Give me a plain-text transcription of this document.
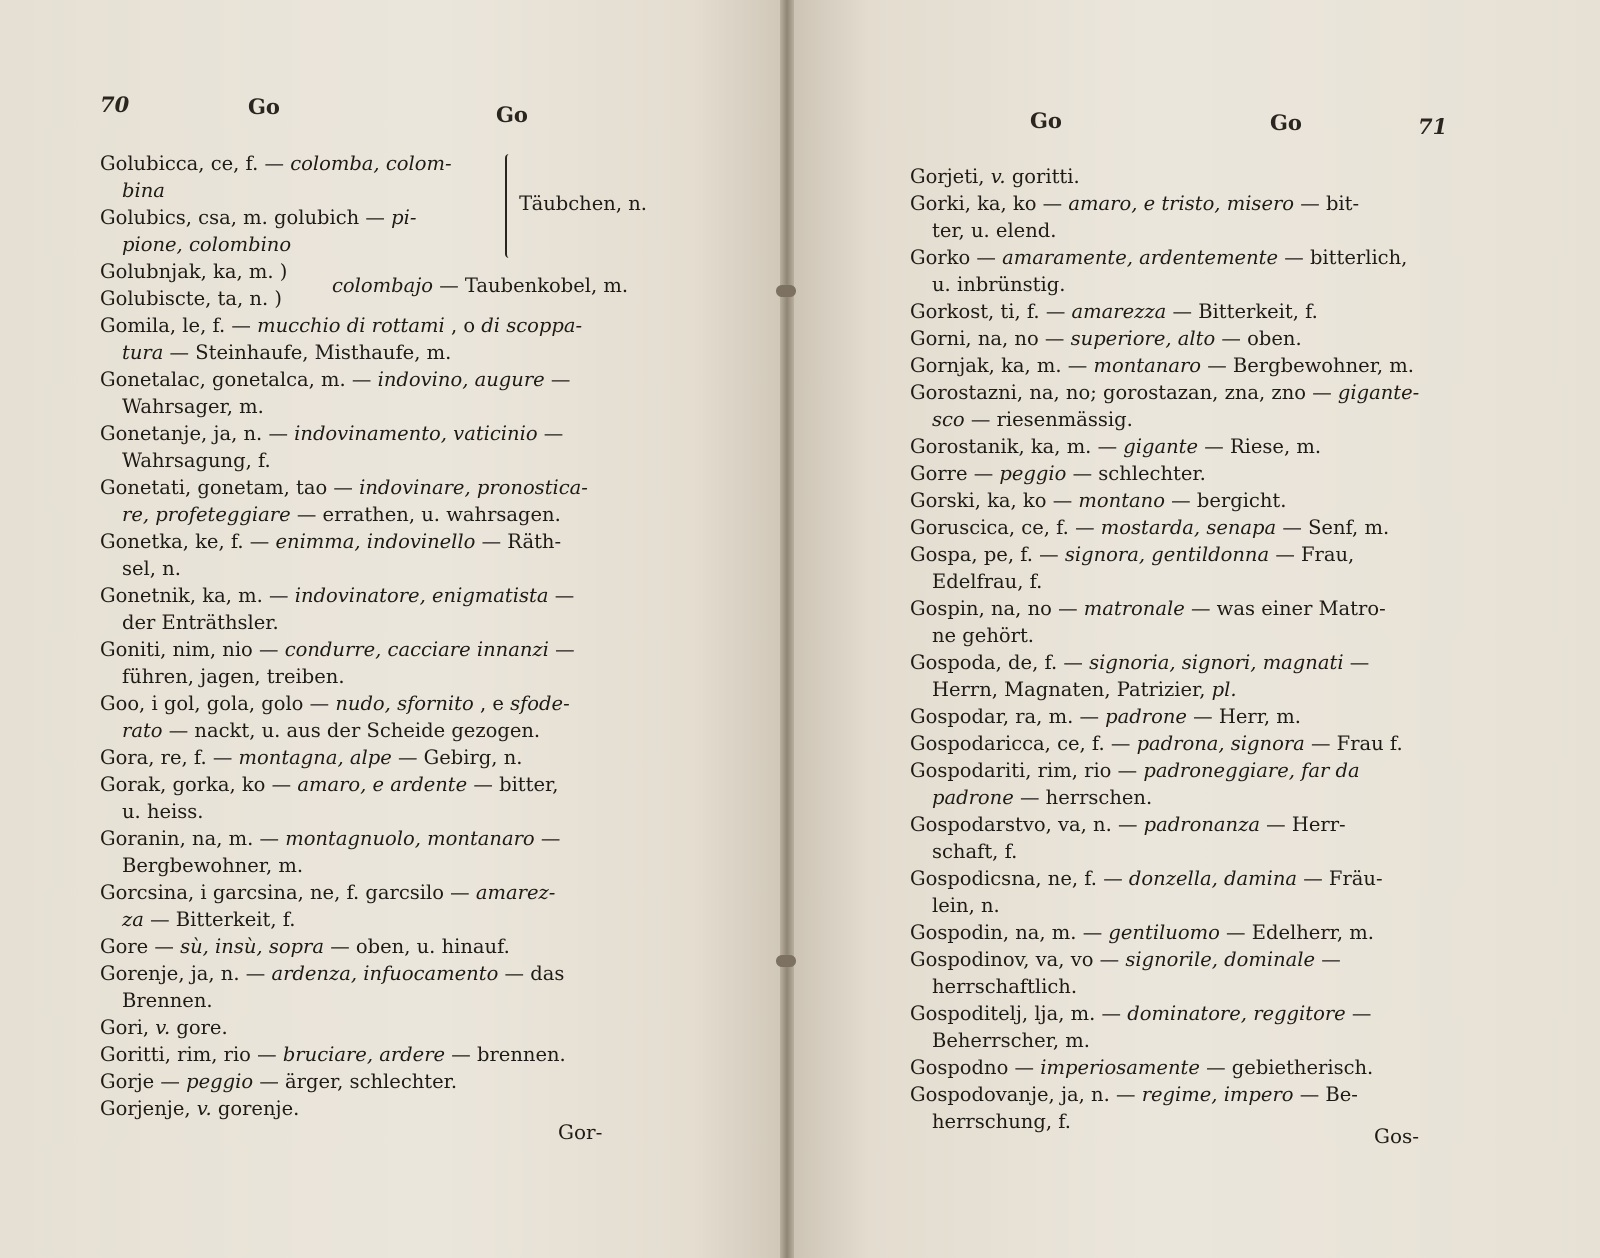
70	Go	Go

Golubicca, ce, f. — colomba, colom-
bina

Golubics, csa, m. golubich — pi-
pione, colombino

Täubchen, n.
Golubnjak, ka, m. )
Golubiscte, ta, n. )
colombajo — Taubenkobel, m.

Gomila, le, f. — mucchio di rottami , o di scoppa-
tura — Steinhaufe, Misthaufe, m.

Gonetalac, gonetalca, m. — indovino, augure —
Wahrsager, m.

Gonetanje, ja, n. — indovinamento, vaticinio —
Wahrsagung, f.

Gonetati, gonetam, tao — indovinare, pronostica-
re, profeteggiare — errathen, u. wahrsagen.

Gonetka, ke, f. — enimma, indovinello — Räth-
sel, n.

Gonetnik, ka, m. — indovinatore, enigmatista —
der Enträthsler.

Goniti, nim, nio — condurre, cacciare innanzi —
führen, jagen, treiben.

Goo, i gol, gola, golo — nudo, sfornito , e sfode-
rato — nackt, u. aus der Scheide gezogen.

Gora, re, f. — montagna, alpe — Gebirg, n.

Gorak, gorka, ko — amaro, e ardente — bitter,
u. heiss.

Goranin, na, m. — montagnuolo, montanaro —
Bergbewohner, m.

Gorcsina, i garcsina, ne, f. garcsilo — amarez-
za — Bitterkeit, f.

Gore — sù, insù, sopra — oben, u. hinauf.

Gorenje, ja, n. — ardenza, infuocamento — das
Brennen.

Gori, v. gore.

Goritti, rim, rio — bruciare, ardere — brennen.

Gorje — peggio — ärger, schlechter.

Gorjenje, v. gorenje.

Gor-
Go	Go	71

Gorjeti, v. goritti.

Gorki, ka, ko — amaro, e tristo, misero — bit-
ter, u. elend.

Gorko — amaramente, ardentemente — bitterlich,
u. inbrünstig.

Gorkost, ti, f. — amarezza — Bitterkeit, f.

Gorni, na, no — superiore, alto — oben.

Gornjak, ka, m. — montanaro — Bergbewohner, m.

Gorostazni, na, no; gorostazan, zna, zno — gigante-
sco — riesenmässig.

Gorostanik, ka, m. — gigante — Riese, m.

Gorre — peggio — schlechter.

Gorski, ka, ko — montano — bergicht.

Goruscica, ce, f. — mostarda, senapa — Senf, m.

Gospa, pe, f. — signora, gentildonna — Frau,
Edelfrau, f.

Gospin, na, no — matronale — was einer Matro-
ne gehört.

Gospoda, de, f. — signoria, signori, magnati —
Herrn, Magnaten, Patrizier, pl.

Gospodar, ra, m. — padrone — Herr, m.

Gospodaricca, ce, f. — padrona, signora — Frau f.

Gospodariti, rim, rio — padroneggiare, far da
padrone — herrschen.

Gospodarstvo, va, n. — padronanza — Herr-
schaft, f.

Gospodicsna, ne, f. — donzella, damina — Fräu-
lein, n.

Gospodin, na, m. — gentiluomo — Edelherr, m.

Gospodinov, va, vo — signorile, dominale —
herrschaftlich.

Gospoditelj, lja, m. — dominatore, reggitore —
Beherrscher, m.

Gospodno — imperiosamente — gebietherisch.

Gospodovanje, ja, n. — regime, impero — Be-
herrschung, f.

Gos-
